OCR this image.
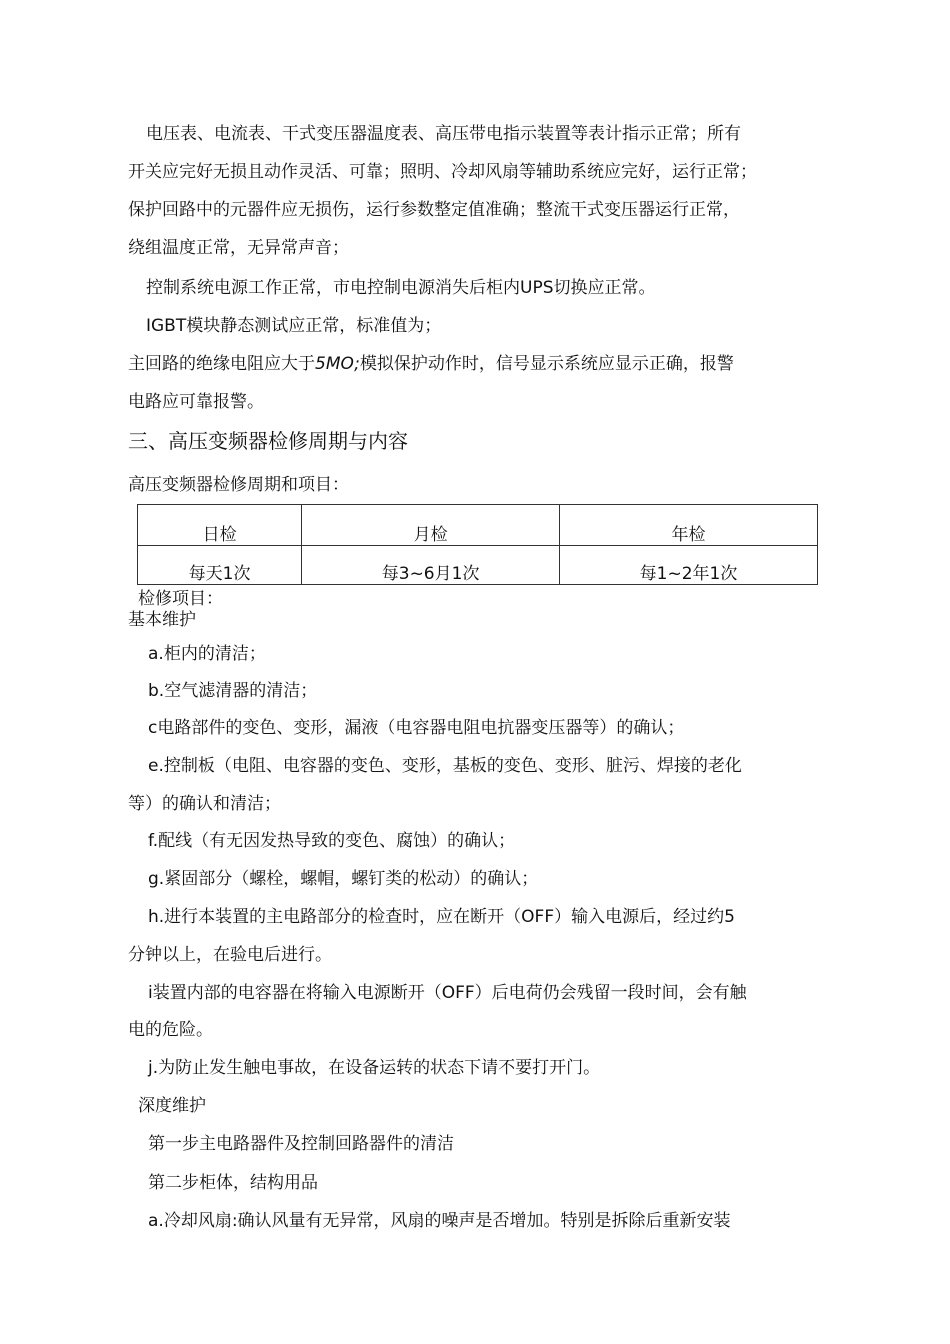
电压表、电流表、干式变压器温度表、高压带电指示装置等表计指示正常；所有
开关应完好无损且动作灵活、可靠；照明、冷却风扇等辅助系统应完好，运行正常；
保护回路中的元器件应无损伤，运行参数整定值准确；整流干式变压器运行正常，
绕组温度正常，无异常声音；
控制系统电源工作正常，市电控制电源消失后柜内UPS切换应正常。
IGBT模块静态测试应正常，标准值为；
主回路的绝缘电阻应大于5MO;模拟保护动作时，信号显示系统应显示正确，报警
电路应可靠报警。
三、高压变频器检修周期与内容
高压变频器检修周期和项目：
日检	月检	年检
每天1次	每3~6月1次	每1~2年1次
检修项目：
基本维护
a.柜内的清洁；
b.空气滤清器的清洁；
c电路部件的变色、变形，漏液（电容器电阻电抗器变压器等）的确认；
e.控制板（电阻、电容器的变色、变形，基板的变色、变形、脏污、焊接的老化
等）的确认和清洁；
f.配线（有无因发热导致的变色、腐蚀）的确认；
g.紧固部分（螺栓，螺帽，螺钉类的松动）的确认；
h.进行本装置的主电路部分的检查时，应在断开（OFF）输入电源后，经过约5
分钟以上，在验电后进行。
i装置内部的电容器在将输入电源断开（OFF）后电荷仍会残留一段时间，会有触
电的危险。
j.为防止发生触电事故，在设备运转的状态下请不要打开门。
深度维护
第一步主电路器件及控制回路器件的清洁
第二步柜体，结构用品
a.冷却风扇:确认风量有无异常，风扇的噪声是否增加。特别是拆除后重新安装
